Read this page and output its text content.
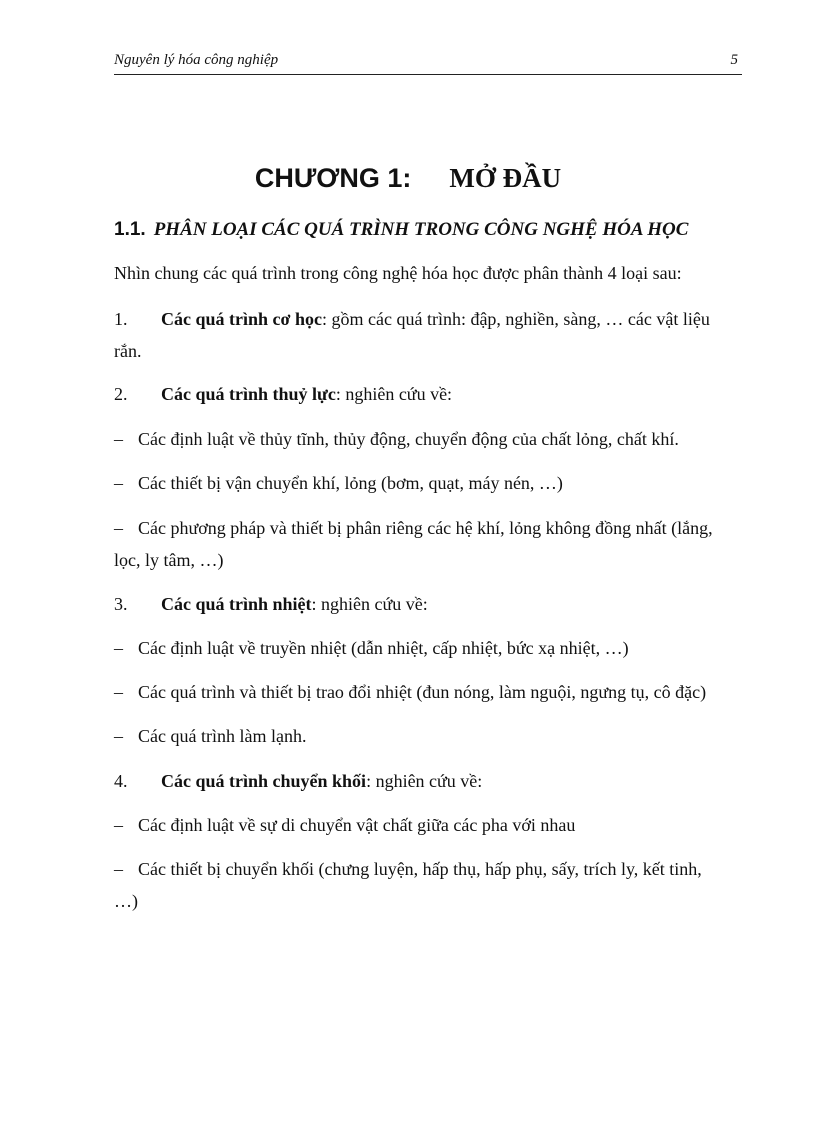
Nguyên lý hóa công nghiệp	5
CHƯƠNG 1: MỞ ĐẦU
1.1. PHÂN LOẠI CÁC QUÁ TRÌNH TRONG CÔNG NGHỆ HÓA HỌC
Nhìn chung các quá trình trong công nghệ hóa học được phân thành 4 loại sau:
1. Các quá trình cơ học: gồm các quá trình: đập, nghiền, sàng, … các vật liệu
rắn.
2. Các quá trình thuỷ lực: nghiên cứu về:
– Các định luật về thủy tĩnh, thủy động, chuyển động của chất lỏng, chất khí.
– Các thiết bị vận chuyển khí, lỏng (bơm, quạt, máy nén, …)
– Các phương pháp và thiết bị phân riêng các hệ khí, lỏng không đồng nhất (lắng,
lọc, ly tâm, …)
3. Các quá trình nhiệt: nghiên cứu về:
– Các định luật về truyền nhiệt (dẫn nhiệt, cấp nhiệt, bức xạ nhiệt, …)
– Các quá trình và thiết bị trao đổi nhiệt (đun nóng, làm nguội, ngưng tụ, cô đặc)
– Các quá trình làm lạnh.
4. Các quá trình chuyển khối: nghiên cứu về:
– Các định luật về sự di chuyển vật chất giữa các pha với nhau
– Các thiết bị chuyển khối (chưng luyện, hấp thụ, hấp phụ, sấy, trích ly, kết tinh,
…)
